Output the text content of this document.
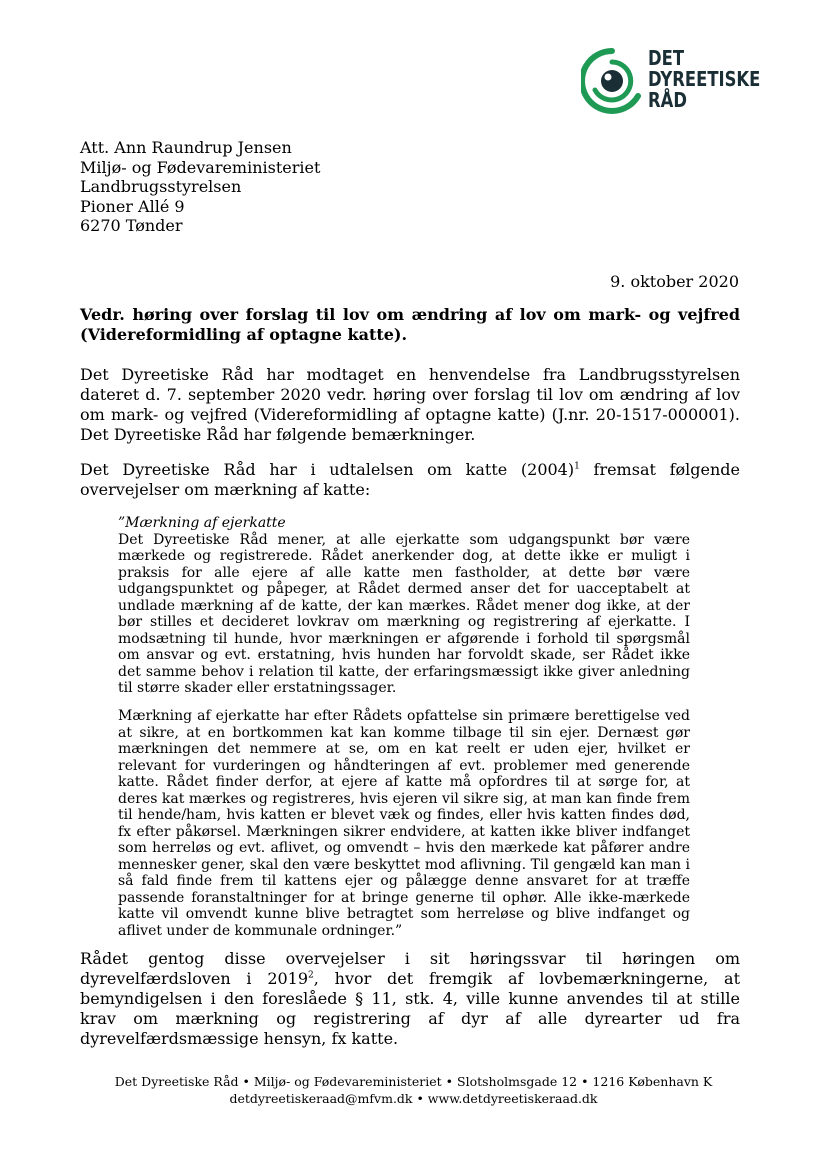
DET
DYREETISKE
RÅD
Att. Ann Raundrup Jensen
Miljø- og Fødevareministeriet
Landbrugsstyrelsen
Pioner Allé 9
6270 Tønder
9. oktober 2020
Vedr. høring over forslag til lov om ændring af lov om mark- og vejfred (Videreformidling af optagne katte).
Det Dyreetiske Råd har modtaget en henvendelse fra Landbrugsstyrelsen dateret d. 7. september 2020 vedr. høring over forslag til lov om ændring af lov om mark- og vejfred (Videreformidling af optagne katte) (J.nr. 20-1517-000001). Det Dyreetiske Råd har følgende bemærkninger.
Det Dyreetiske Råd har i udtalelsen om katte $(2004)^1$ fremsat følgende overvejelser om mærkning af katte:
”Mærkning af ejerkatte
Det Dyreetiske Råd mener, at alle ejerkatte som udgangspunkt bør være mærkede og registrerede. Rådet anerkender dog, at dette ikke er muligt i praksis for alle ejere af alle katte men fastholder, at dette bør være udgangspunktet og påpeger, at Rådet dermed anser det for uacceptabelt at undlade mærkning af de katte, der kan mærkes. Rådet mener dog ikke, at der bør stilles et decideret lovkrav om mærkning og registrering af ejerkatte. I modsætning til hunde, hvor mærkningen er afgørende i forhold til spørgsmål om ansvar og evt. erstatning, hvis hunden har forvoldt skade, ser Rådet ikke det samme behov i relation til katte, der erfaringsmæssigt ikke giver anledning til større skader eller erstatningssager.
Mærkning af ejerkatte har efter Rådets opfattelse sin primære berettigelse ved at sikre, at en bortkommen kat kan komme tilbage til sin ejer. Dernæst gør mærkningen det nemmere at se, om en kat reelt er uden ejer, hvilket er relevant for vurderingen og håndteringen af evt. problemer med generende katte. Rådet finder derfor, at ejere af katte må opfordres til at sørge for, at deres kat mærkes og registreres, hvis ejeren vil sikre sig, at man kan finde frem til hende/ham, hvis katten er blevet væk og findes, eller hvis katten findes død, fx efter påkørsel. Mærkningen sikrer endvidere, at katten ikke bliver indfanget som herreløs og evt. aflivet, og omvendt – hvis den mærkede kat påfører andre mennesker gener, skal den være beskyttet mod aflivning. Til gengæld kan man i så fald finde frem til kattens ejer og pålægge denne ansvaret for at træffe passende foranstaltninger for at bringe generne til ophør. Alle ikke-mærkede katte vil omvendt kunne blive betragtet som herreløse og blive indfanget og aflivet under de kommunale ordninger.”
Rådet gentog disse overvejelser i sit høringssvar til høringen om dyrevelfærdsloven i 2019$^2$, hvor det fremgik af lovbemærkningerne, at bemyndigelsen i den foreslåede § 11, stk. 4, ville kunne anvendes til at stille krav om mærkning og registrering af dyr af alle dyrearter ud fra dyrevelfærdsmæssige hensyn, fx katte.
Det Dyreetiske Råd • Miljø- og Fødevareministeriet • Slotsholmsgade 12 • 1216 København K
detdyreetiskeraad@mfvm.dk • www.detdyreetiskeraad.dk
